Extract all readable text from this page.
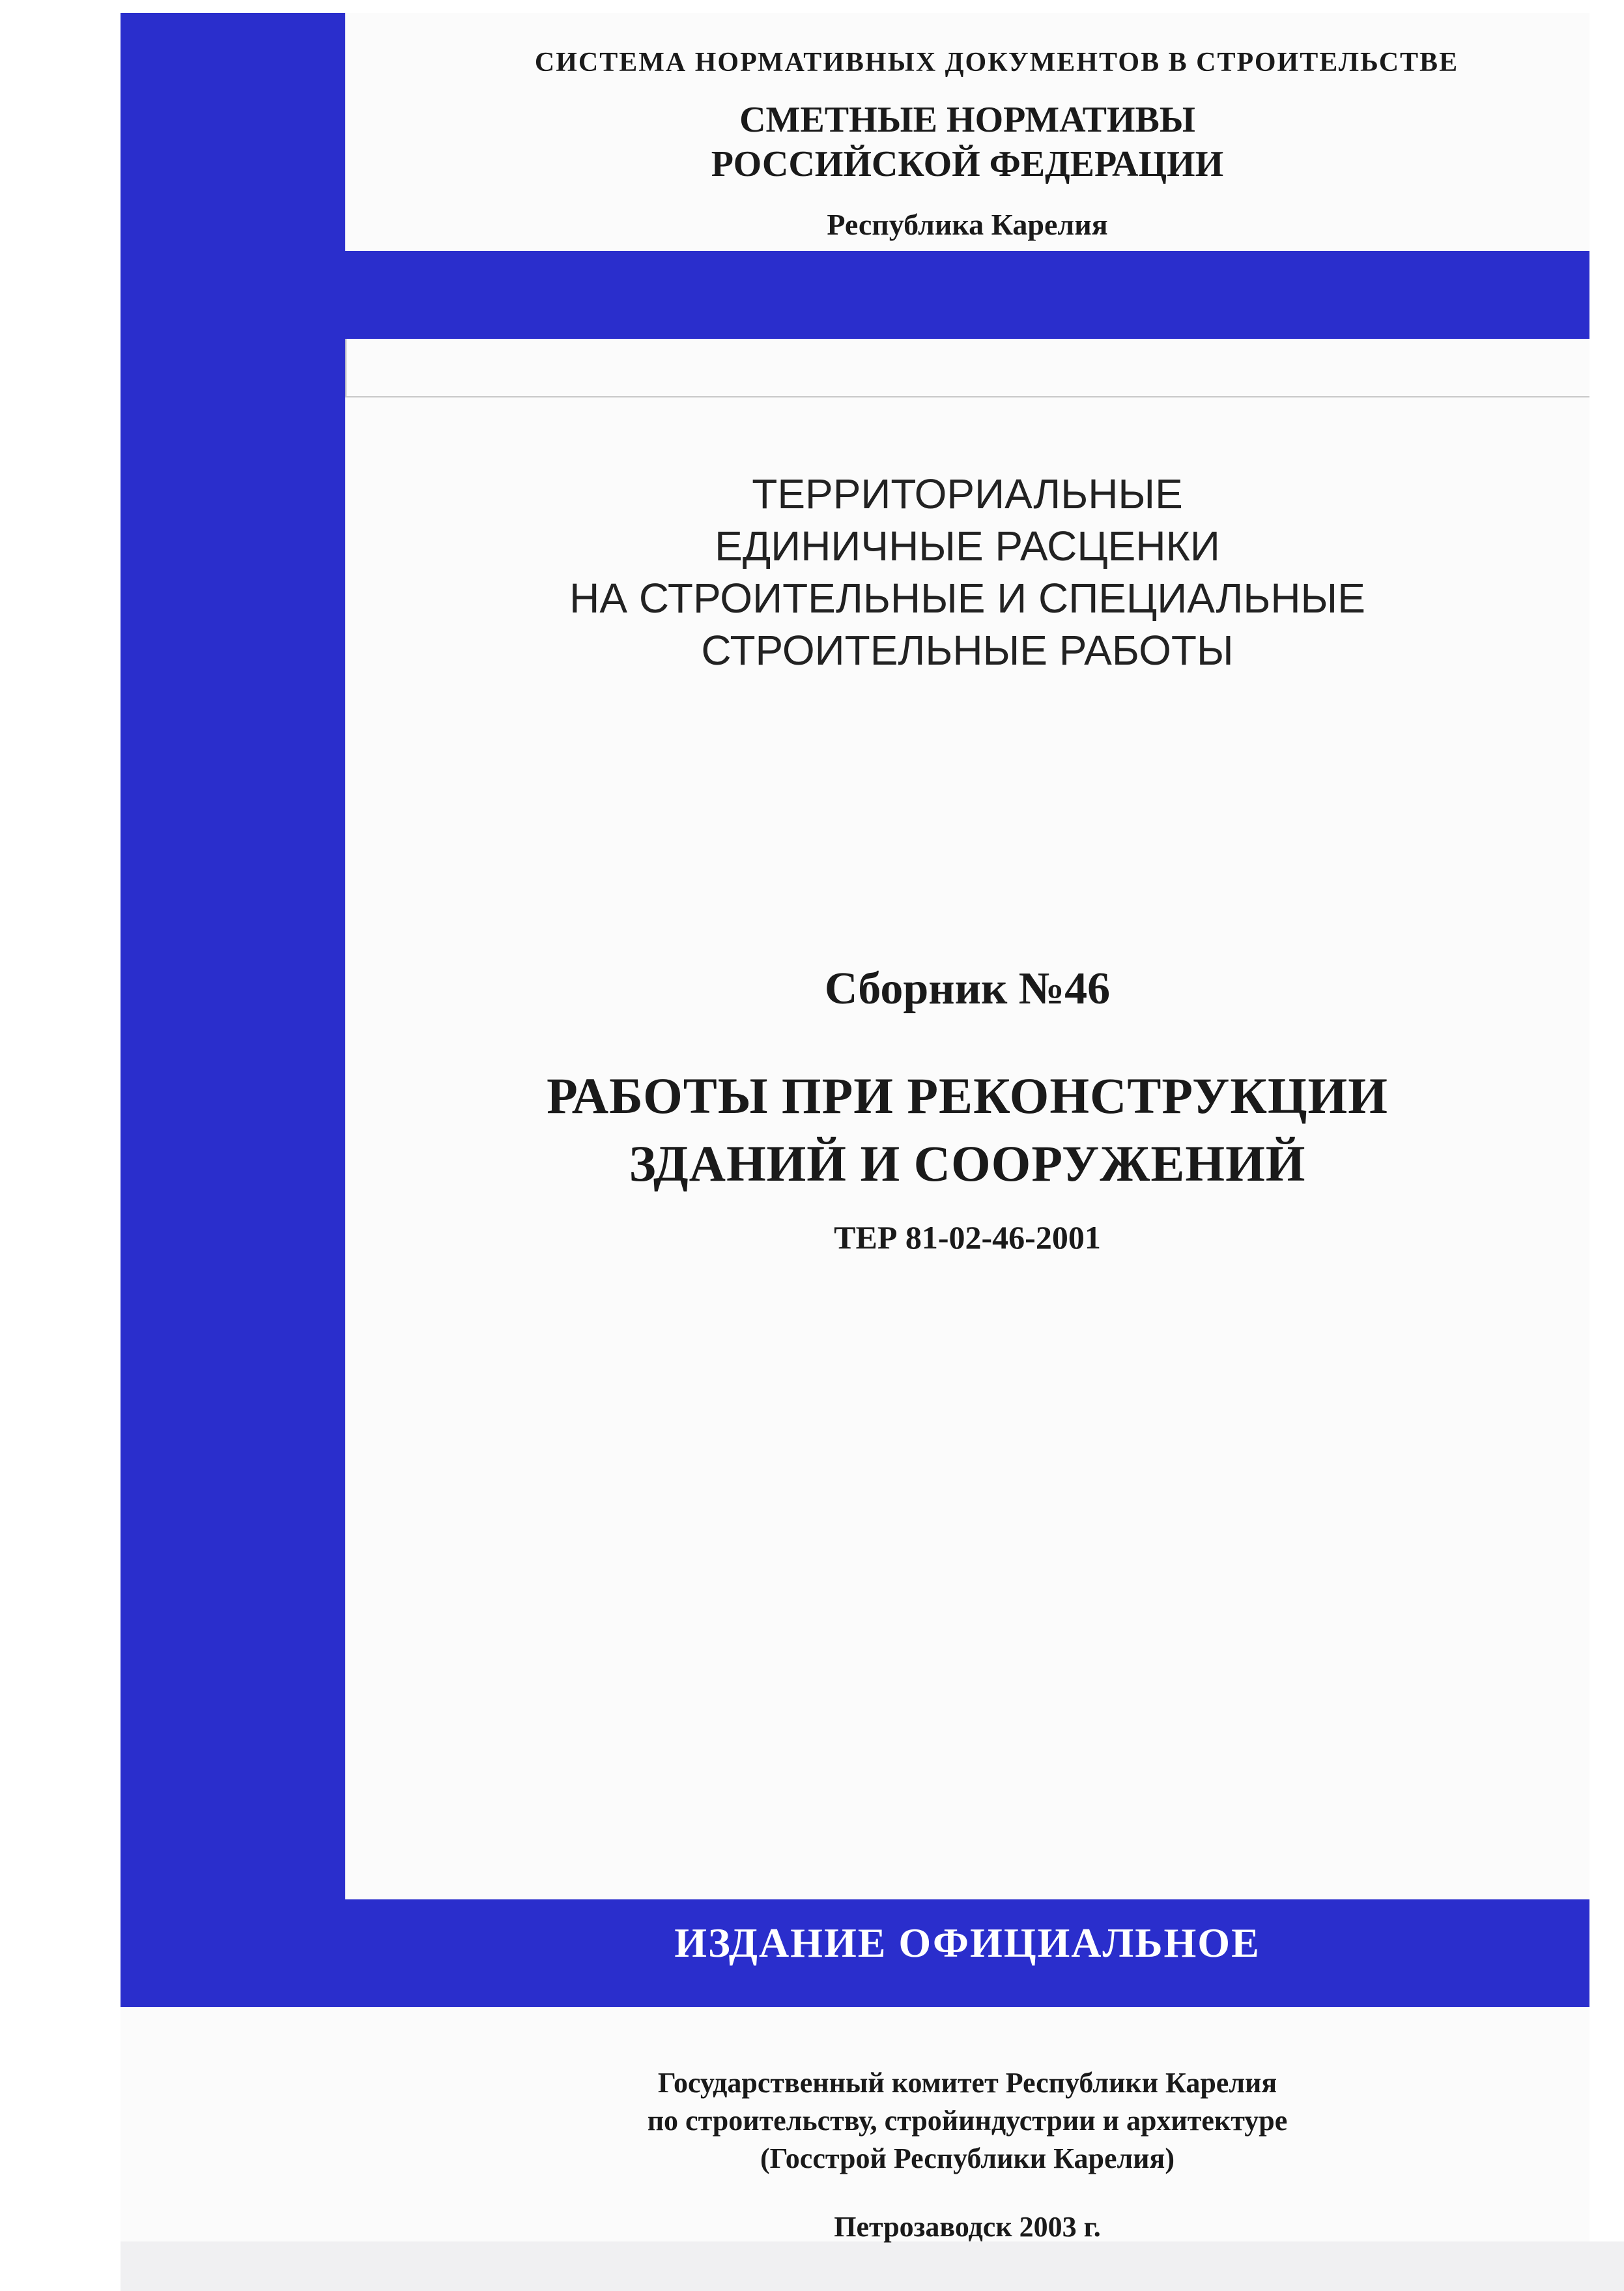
СИСТЕМА НОРМАТИВНЫХ ДОКУМЕНТОВ В СТРОИТЕЛЬСТВЕ
СМЕТНЫЕ НОРМАТИВЫ
РОССИЙСКОЙ ФЕДЕРАЦИИ
Республика Карелия
ТЕРРИТОРИАЛЬНЫЕ
ЕДИНИЧНЫЕ РАСЦЕНКИ
НА СТРОИТЕЛЬНЫЕ И СПЕЦИАЛЬНЫЕ
СТРОИТЕЛЬНЫЕ РАБОТЫ
Сборник №46
РАБОТЫ ПРИ РЕКОНСТРУКЦИИ
ЗДАНИЙ И СООРУЖЕНИЙ
ТЕР 81-02-46-2001
ИЗДАНИЕ ОФИЦИАЛЬНОЕ
Государственный комитет Республики Карелия
по строительству, стройиндустрии и архитектуре
(Госстрой Республики Карелия)
Петрозаводск 2003 г.
